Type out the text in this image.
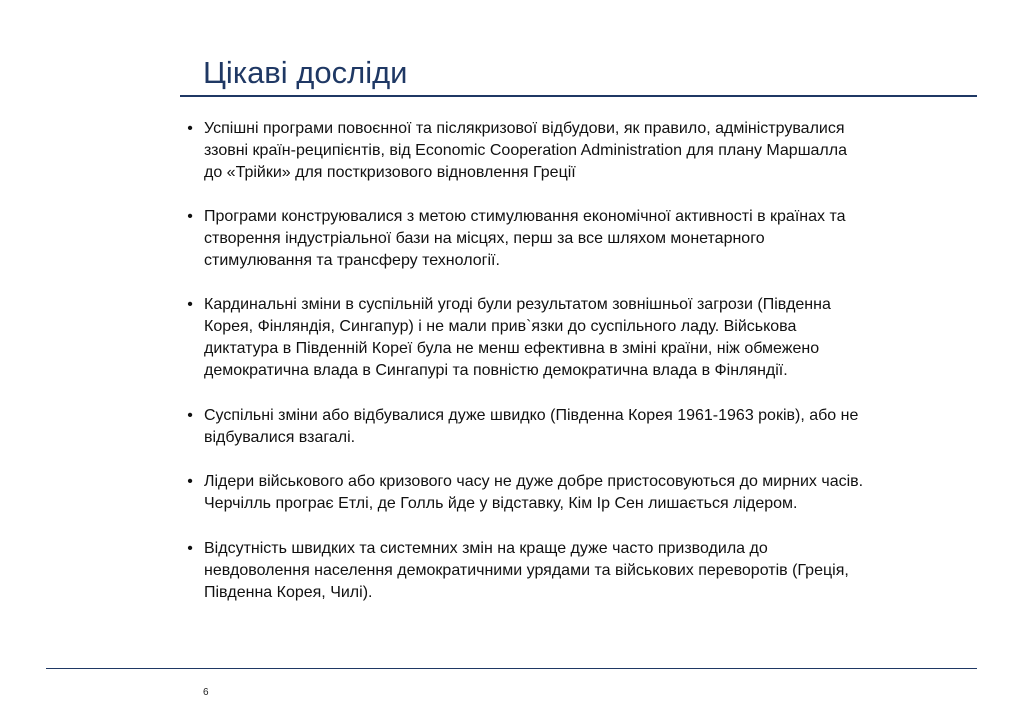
Цікаві досліди
• Успішні програми повоєнної та післякризової відбудови, як правило, адмініструвалися
ззовні країн-реципієнтів, від Economic Cooperation Administration для плану Маршалла
до «Трійки» для посткризового відновлення Греції
• Програми конструювалися з метою стимулювання економічної активності в країнах та
створення індустріальної бази на місцях, перш за все шляхом монетарного
стимулювання та трансферу технології.
• Кардинальні зміни в суспільній угоді були результатом зовнішньої загрози (Південна
Корея, Фінляндія, Сингапур) і не мали прив`язки до суспільного ладу. Військова
диктатура в Південній Кореї була не менш ефективна в зміні країни, ніж обмежено
демократична влада в Сингапурі та повністю демократична влада в Фінляндії.
• Суспільні зміни або відбувалися дуже швидко (Південна Корея 1961-1963 років), або не
відбувалися взагалі.
• Лідери військового або кризового часу не дуже добре пристосовуються до мирних часів.
Черчілль програє Етлі, де Голль йде у відставку, Кім Ір Сен лишається лідером.
• Відсутність швидких та системних змін на краще дуже часто призводила до
невдоволення населення демократичними урядами та військових переворотів (Греція,
Південна Корея, Чилі).
6
